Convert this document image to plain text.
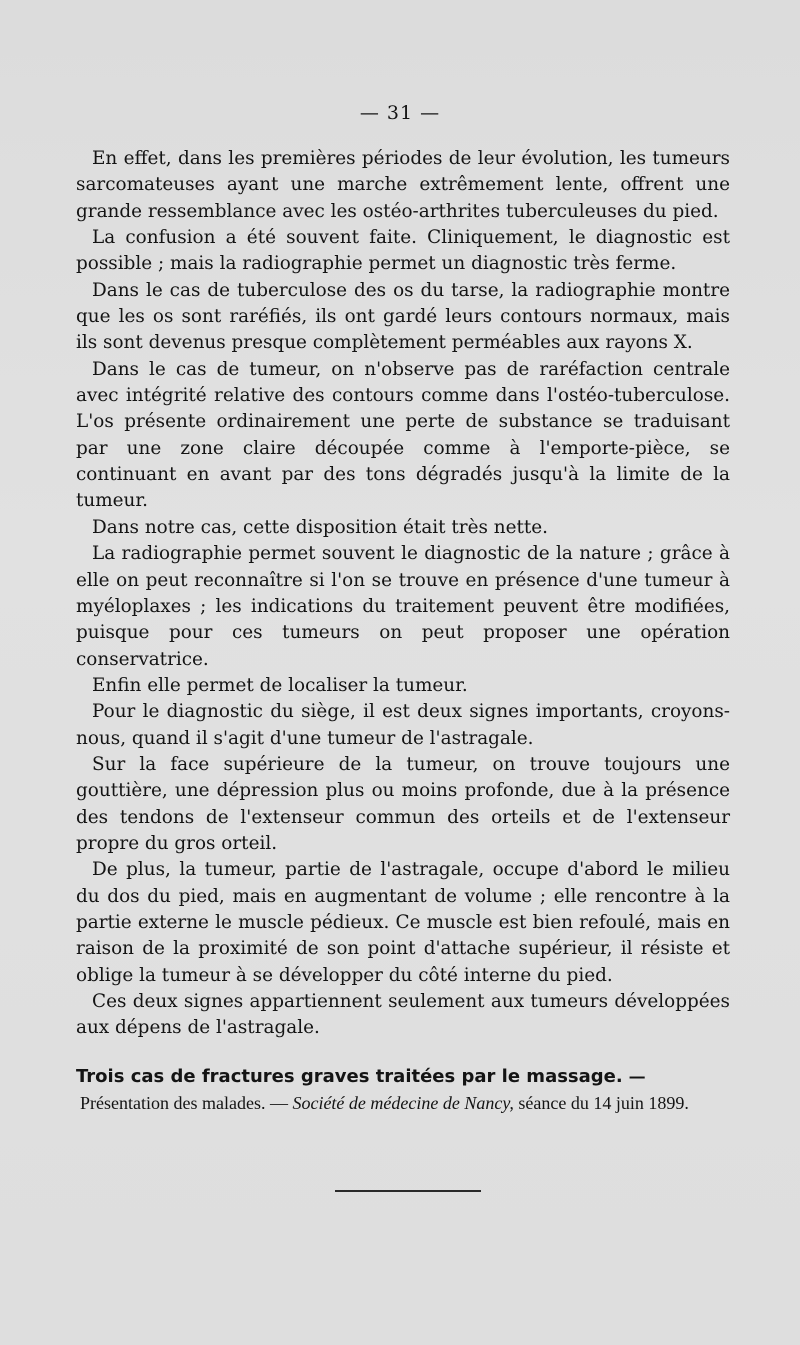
— 31 —

En effet, dans les premières périodes de leur évolution, les tumeurs sarcomateuses ayant une marche extrêmement lente, offrent une grande ressemblance avec les ostéo-arthrites tuberculeuses du pied.

La confusion a été souvent faite. Cliniquement, le diagnostic est possible ; mais la radiographie permet un diagnostic très ferme.

Dans le cas de tuberculose des os du tarse, la radiographie montre que les os sont raréfiés, ils ont gardé leurs contours normaux, mais ils sont devenus presque complètement perméables aux rayons X.

Dans le cas de tumeur, on n'observe pas de raréfaction centrale avec intégrité relative des contours comme dans l'ostéo-tuberculose. L'os présente ordinairement une perte de substance se traduisant par une zone claire découpée comme à l'emporte-pièce, se continuant en avant par des tons dégradés jusqu'à la limite de la tumeur.

Dans notre cas, cette disposition était très nette.

La radiographie permet souvent le diagnostic de la nature ; grâce à elle on peut reconnaître si l'on se trouve en présence d'une tumeur à myéloplaxes ; les indications du traitement peuvent être modifiées, puisque pour ces tumeurs on peut proposer une opération conservatrice.

Enfin elle permet de localiser la tumeur.

Pour le diagnostic du siège, il est deux signes importants, croyons-nous, quand il s'agit d'une tumeur de l'astragale.

Sur la face supérieure de la tumeur, on trouve toujours une gouttière, une dépression plus ou moins profonde, due à la présence des tendons de l'extenseur commun des orteils et de l'extenseur propre du gros orteil.

De plus, la tumeur, partie de l'astragale, occupe d'abord le milieu du dos du pied, mais en augmentant de volume ; elle rencontre à la partie externe le muscle pédieux. Ce muscle est bien refoulé, mais en raison de la proximité de son point d'attache supérieur, il résiste et oblige la tumeur à se développer du côté interne du pied.

Ces deux signes appartiennent seulement aux tumeurs développées aux dépens de l'astragale.

Trois cas de fractures graves traitées par le massage. —
Présentation des malades. — Société de médecine de Nancy, séance du 14 juin 1899.
